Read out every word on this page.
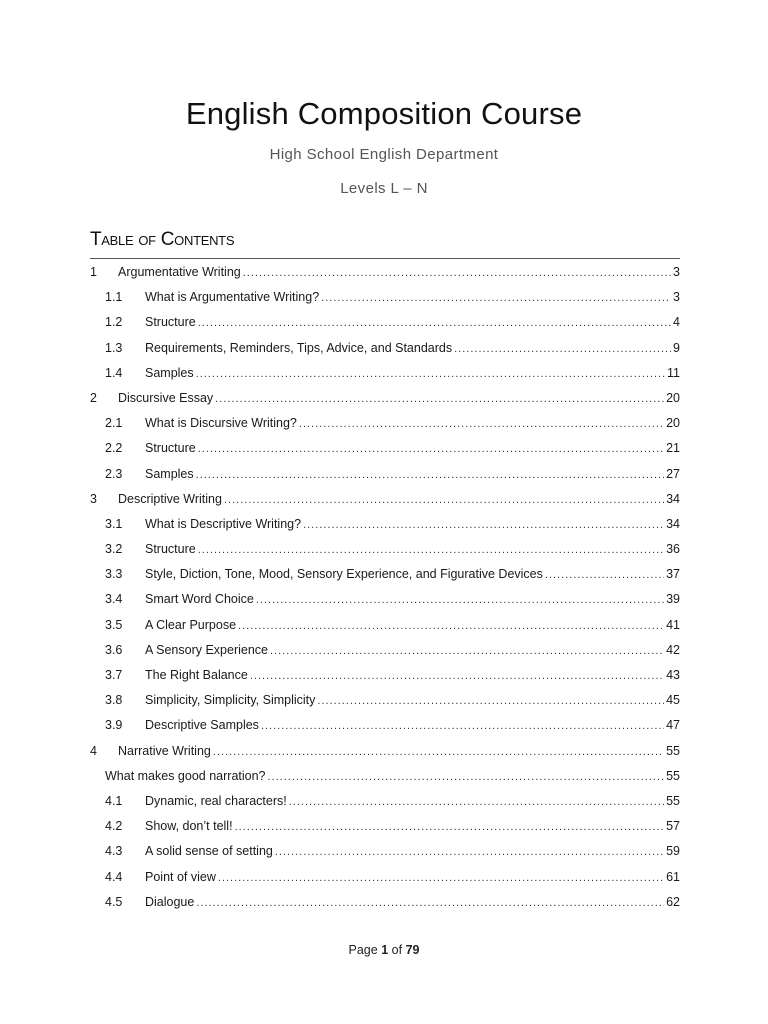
English Composition Course
High School English Department
Levels L – N
Table of Contents
1	Argumentative Writing .....	3
1.1	What is Argumentative Writing? .....	3
1.2	Structure .....	4
1.3	Requirements, Reminders, Tips, Advice, and Standards .....	9
1.4	Samples .....	11
2	Discursive Essay .....	20
2.1	What is Discursive Writing? .....	20
2.2	Structure .....	21
2.3	Samples .....	27
3	Descriptive Writing .....	34
3.1	What is Descriptive Writing? .....	34
3.2	Structure .....	36
3.3	Style, Diction, Tone, Mood, Sensory Experience, and Figurative Devices .....	37
3.4	Smart Word Choice .....	39
3.5	A Clear Purpose .....	41
3.6	A Sensory Experience .....	42
3.7	The Right Balance .....	43
3.8	Simplicity, Simplicity, Simplicity .....	45
3.9	Descriptive Samples .....	47
4	Narrative Writing .....	55
What makes good narration? .....	55
4.1	Dynamic, real characters! .....	55
4.2	Show, don’t tell! .....	57
4.3	A solid sense of setting .....	59
4.4	Point of view .....	61
4.5	Dialogue .....	62
Page 1 of 79
